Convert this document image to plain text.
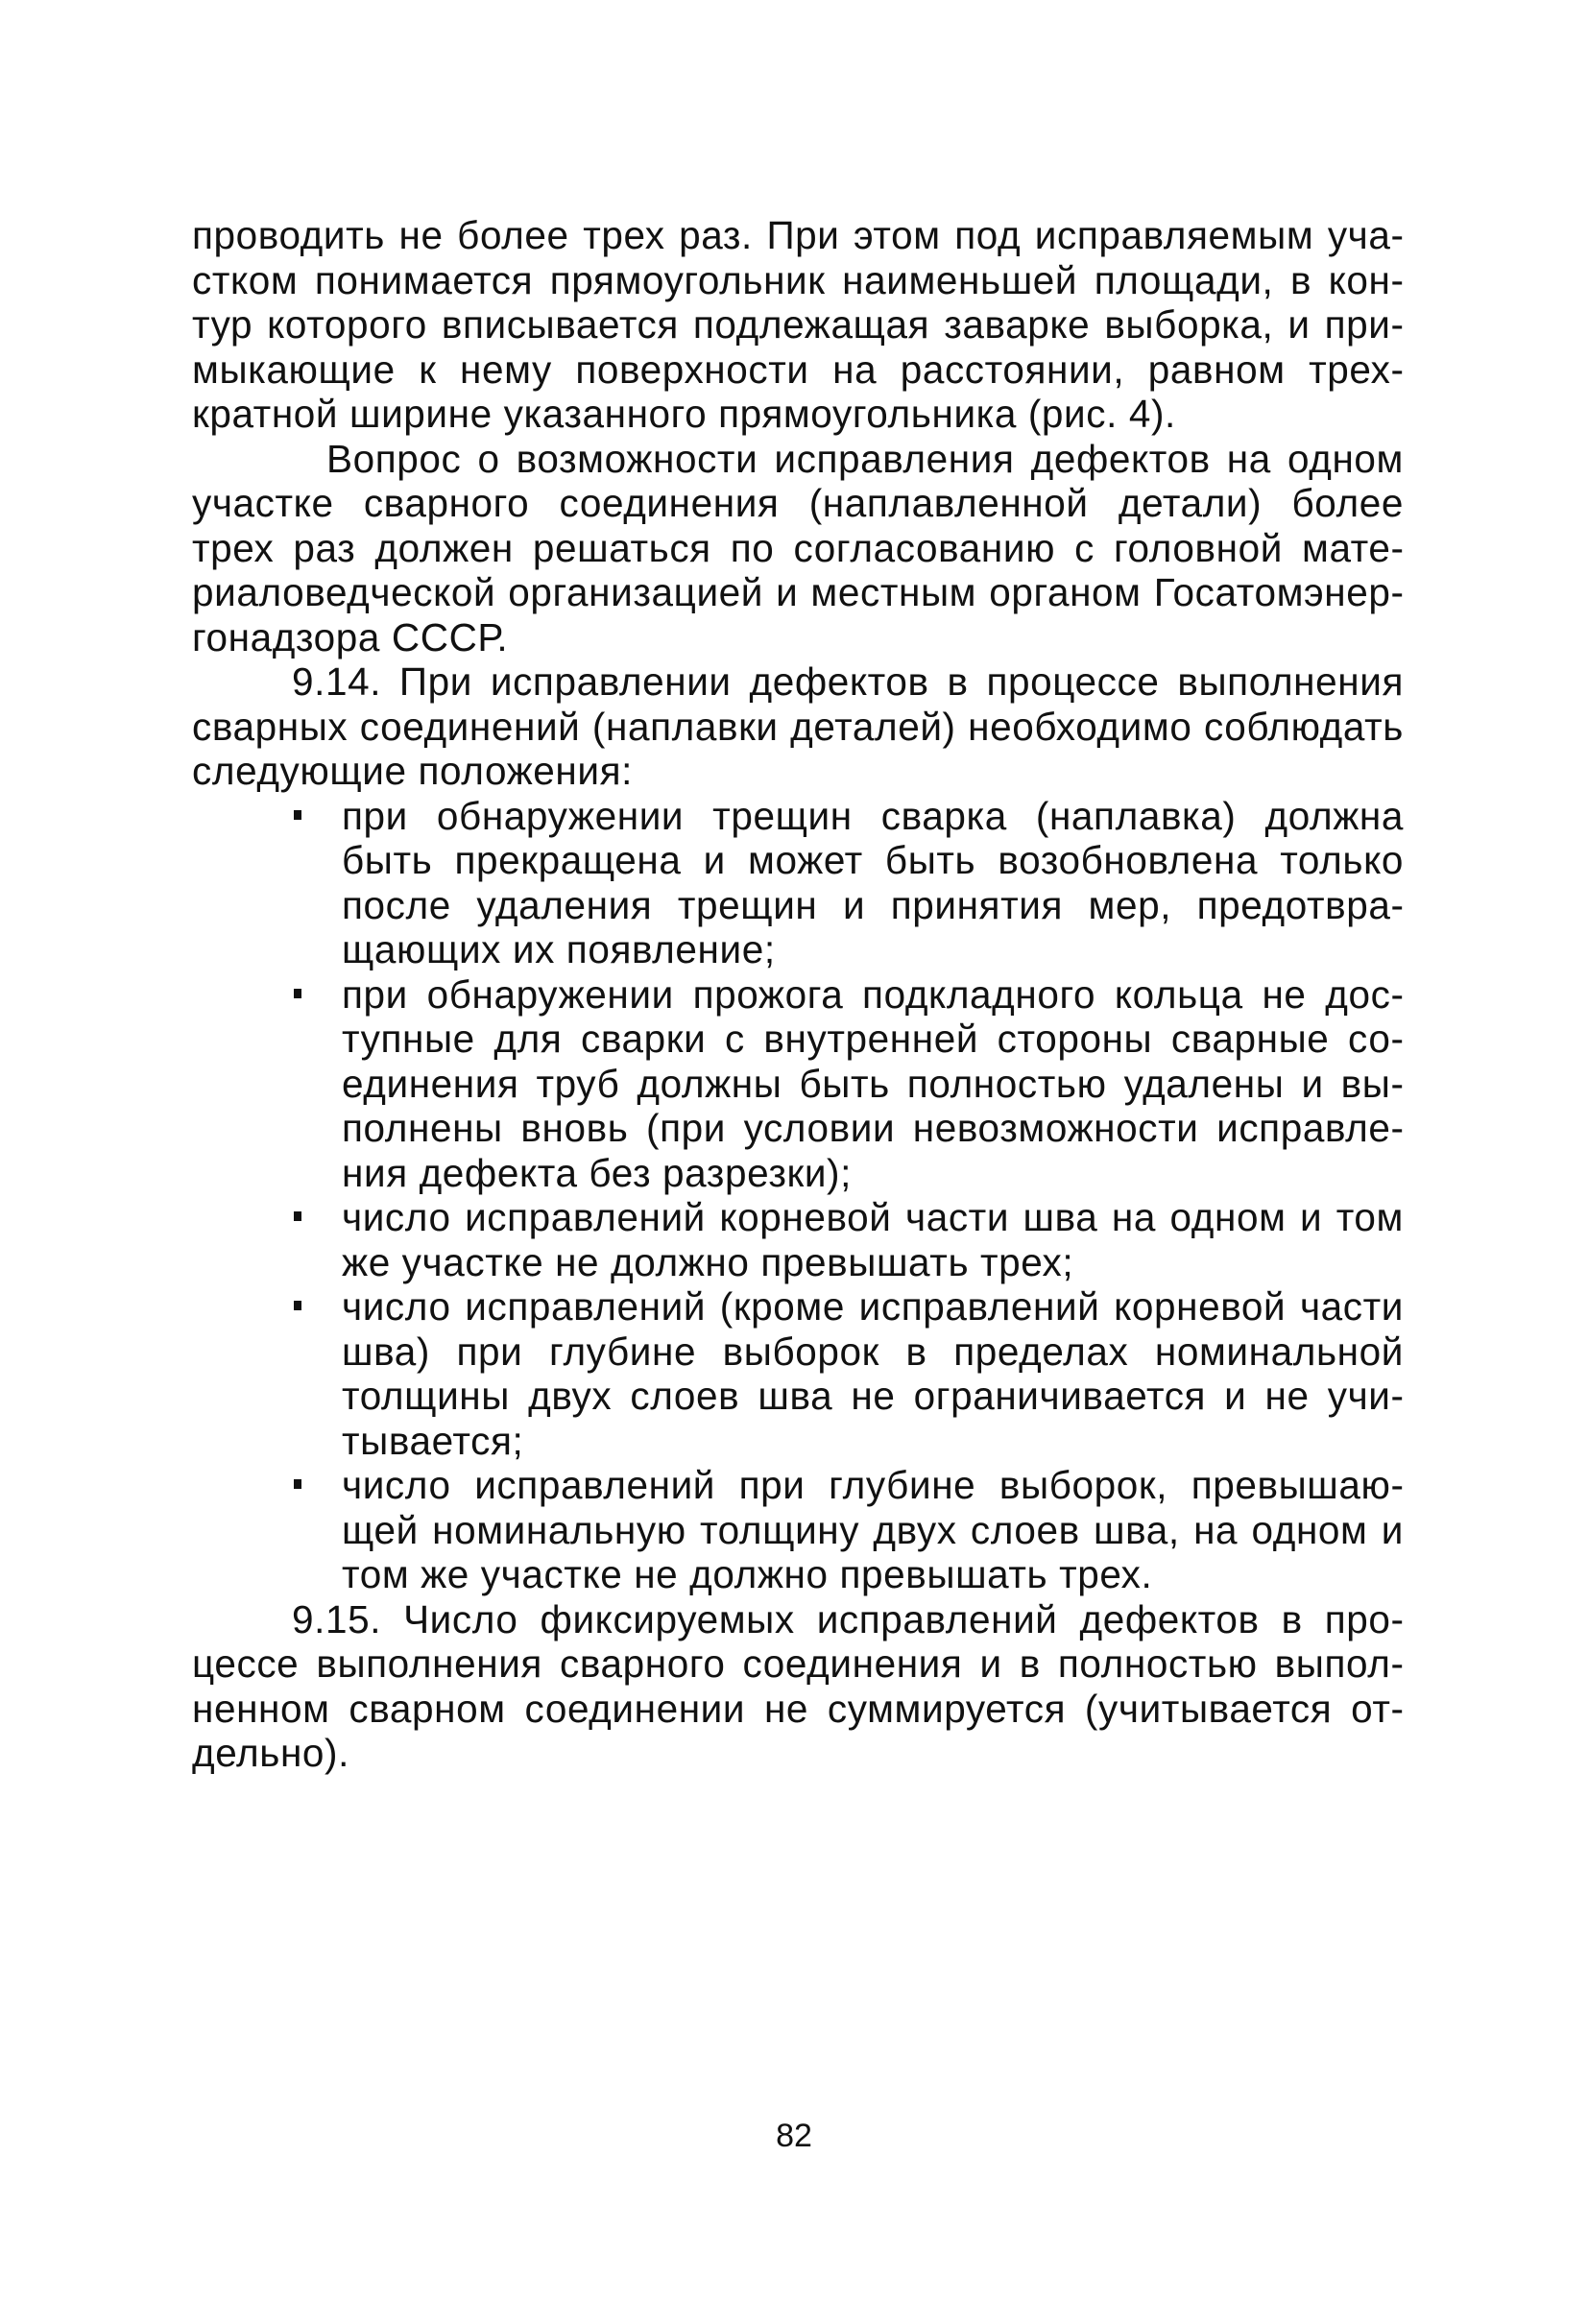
проводить не более трех раз. При этом под исправляемым участком понимается прямоугольник наименьшей площади, в контур которого вписывается подлежащая заварке выборка, и примыкающие к нему поверхности на расстоянии, равном трехкратной ширине указанного прямоугольника (рис. 4).

Вопрос о возможности исправления дефектов на одном участке сварного соединения (наплавленной детали) более трех раз должен решаться по согласованию с головной материаловедческой организацией и местным органом Госатомэнергонадзора СССР.

9.14. При исправлении дефектов в процессе выполнения сварных соединений (наплавки деталей) необходимо соблюдать следующие положения:

при обнаружении трещин сварка (наплавка) должна быть прекращена и может быть возобновлена только после удаления трещин и принятия мер, предотвращающих их появление;
при обнаружении прожога подкладного кольца не доступные для сварки с внутренней стороны сварные соединения труб должны быть полностью удалены и выполнены вновь (при условии невозможности исправления дефекта без разрезки);
число исправлений корневой части шва на одном и том же участке не должно превышать трех;
число исправлений (кроме исправлений корневой части шва) при глубине выборок в пределах номинальной толщины двух слоев шва не ограничивается и не учитывается;
число исправлений при глубине выборок, превышающей номинальную толщину двух слоев шва, на одном и том же участке не должно превышать трех.

9.15. Число фиксируемых исправлений дефектов в процессе выполнения сварного соединения и в полностью выполненном сварном соединении не суммируется (учитывается отдельно).

82
